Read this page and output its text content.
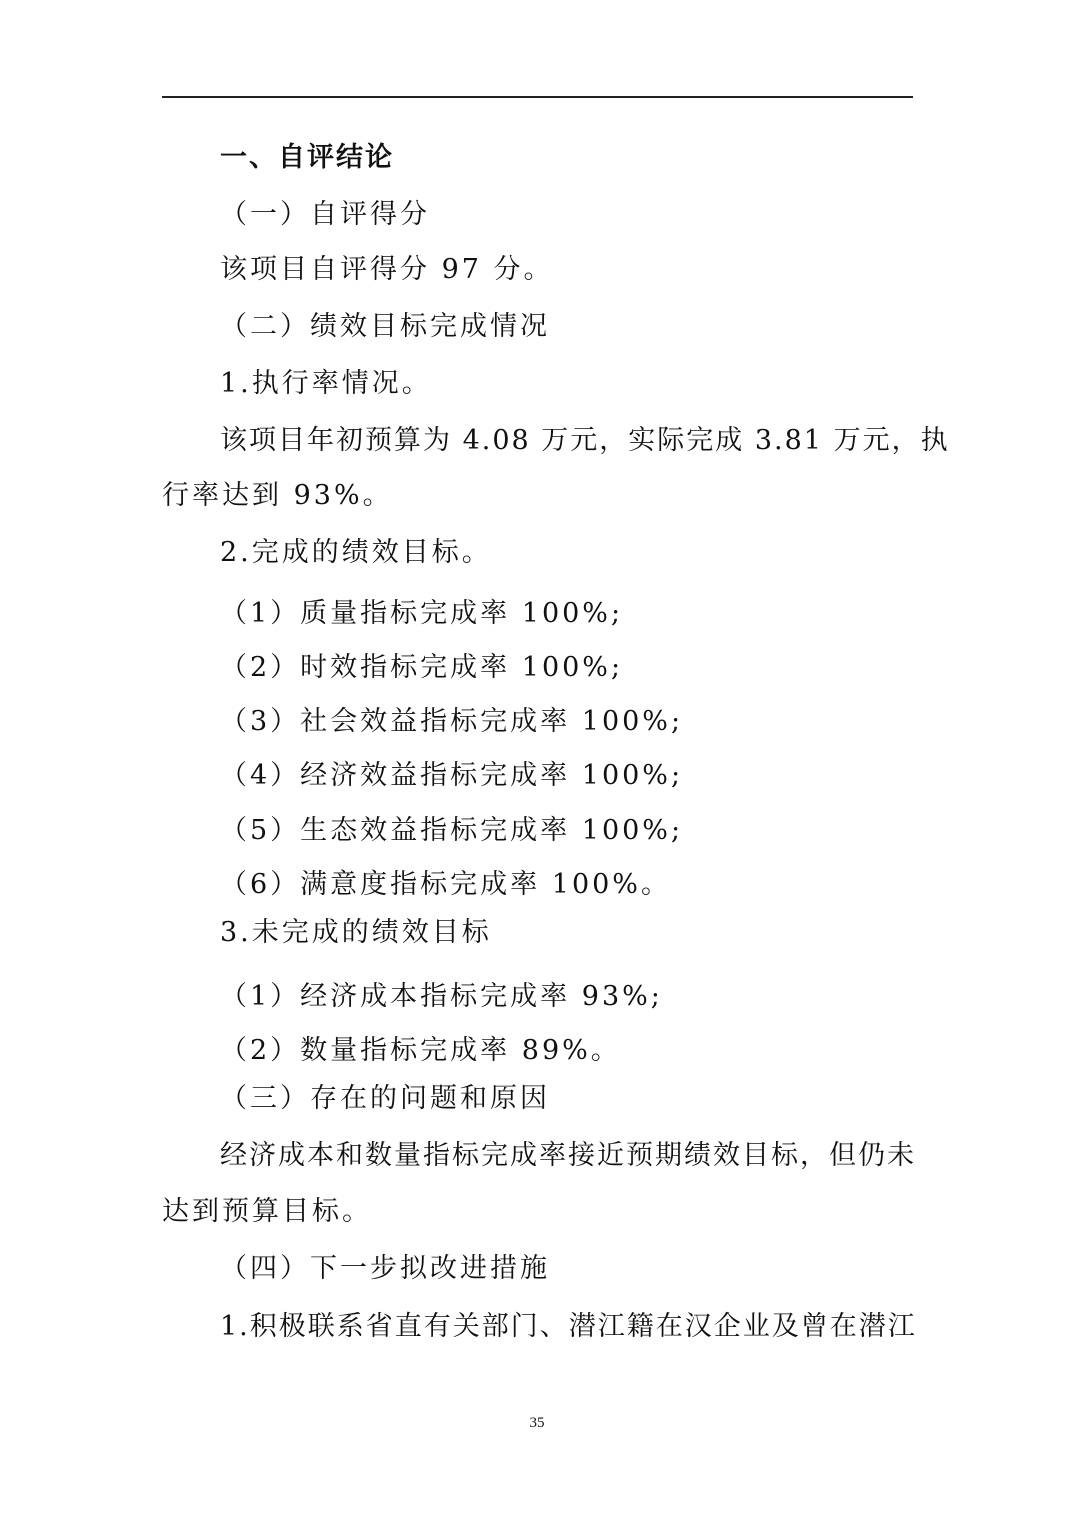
一、自评结论
（一）自评得分
该项目自评得分 97 分。
（二）绩效目标完成情况
1.执行率情况。
该项目年初预算为 4.08 万元，实际完成 3.81 万元，执
行率达到 93%。
2.完成的绩效目标。
（1）质量指标完成率 100%;
（2）时效指标完成率 100%;
（3）社会效益指标完成率 100%;
（4）经济效益指标完成率 100%;
（5）生态效益指标完成率 100%;
（6）满意度指标完成率 100%。
3.未完成的绩效目标
（1）经济成本指标完成率 93%;
（2）数量指标完成率 89%。
（三）存在的问题和原因
经济成本和数量指标完成率接近预期绩效目标，但仍未
达到预算目标。
（四）下一步拟改进措施
1.积极联系省直有关部门、潜江籍在汉企业及曾在潜江
35
